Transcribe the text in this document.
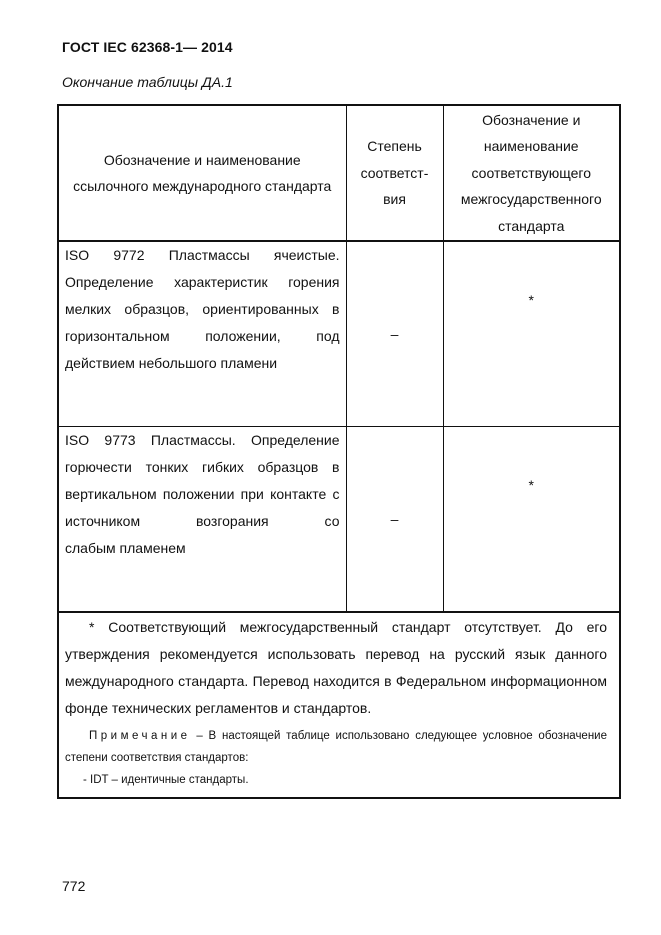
ГОСТ IEC 62368-1— 2014
Окончание таблицы ДА.1
Обозначение и наименование ссылочного международного стандарта	Степень соответст-вия	Обозначение и наименование соответствующего межгосударственного стандарта
ISO 9772 Пластмассы ячеистые. Определение характеристик горения мелких образцов, ориентированных в горизонтальном положении, под
действием небольшого пламени	–	*
ISO 9773 Пластмассы. Определение горючести тонких гибких образцов в вертикальном положении при контакте с источником возгорания со
слабым пламенем	–	*

* Соответствующий межгосударственный стандарт отсутствует. До его утверждения рекомендуется использовать перевод на русский язык данного международного стандарта. Перевод находится в Федеральном информационном фонде технических регламентов и стандартов.

Примечание – В настоящей таблице использовано следующее условное обозначение степени соответствия стандартов:

- IDT – идентичные стандарты.		

772
